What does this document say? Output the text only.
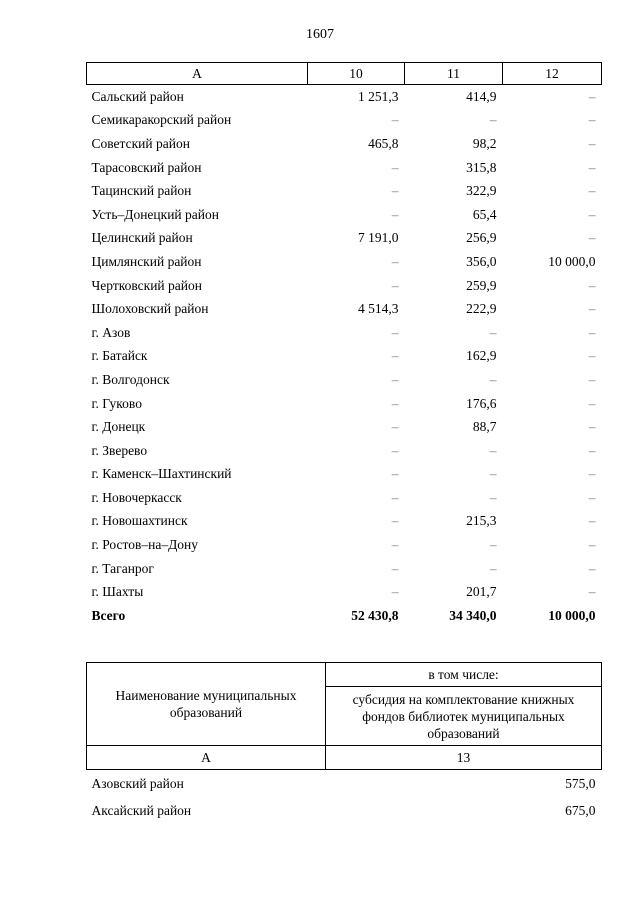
1607
А	10	11	12
Сальский район	1 251,3	414,9	–
Семикаракорский район	–	–	–
Советский район	465,8	98,2	–
Тарасовский район	–	315,8	–
Тацинский район	–	322,9	–
Усть–Донецкий район	–	65,4	–
Целинский район	7 191,0	256,9	–
Цимлянский район	–	356,0	10 000,0
Чертковский район	–	259,9	–
Шолоховский район	4 514,3	222,9	–
г. Азов	–	–	–
г. Батайск	–	162,9	–
г. Волгодонск	–	–	–
г. Гуково	–	176,6	–
г. Донецк	–	88,7	–
г. Зверево	–	–	–
г. Каменск–Шахтинский	–	–	–
г. Новочеркасск	–	–	–
г. Новошахтинск	–	215,3	–
г. Ростов–на–Дону	–	–	–
г. Таганрог	–	–	–
г. Шахты	–	201,7	–
Всего	52 430,8	34 340,0	10 000,0
Наименование муниципальных образований	в том числе:
	субсидия на комплектование книжных фондов библиотек муниципальных образований
А	13
Азовский район	575,0
Аксайский район	675,0
